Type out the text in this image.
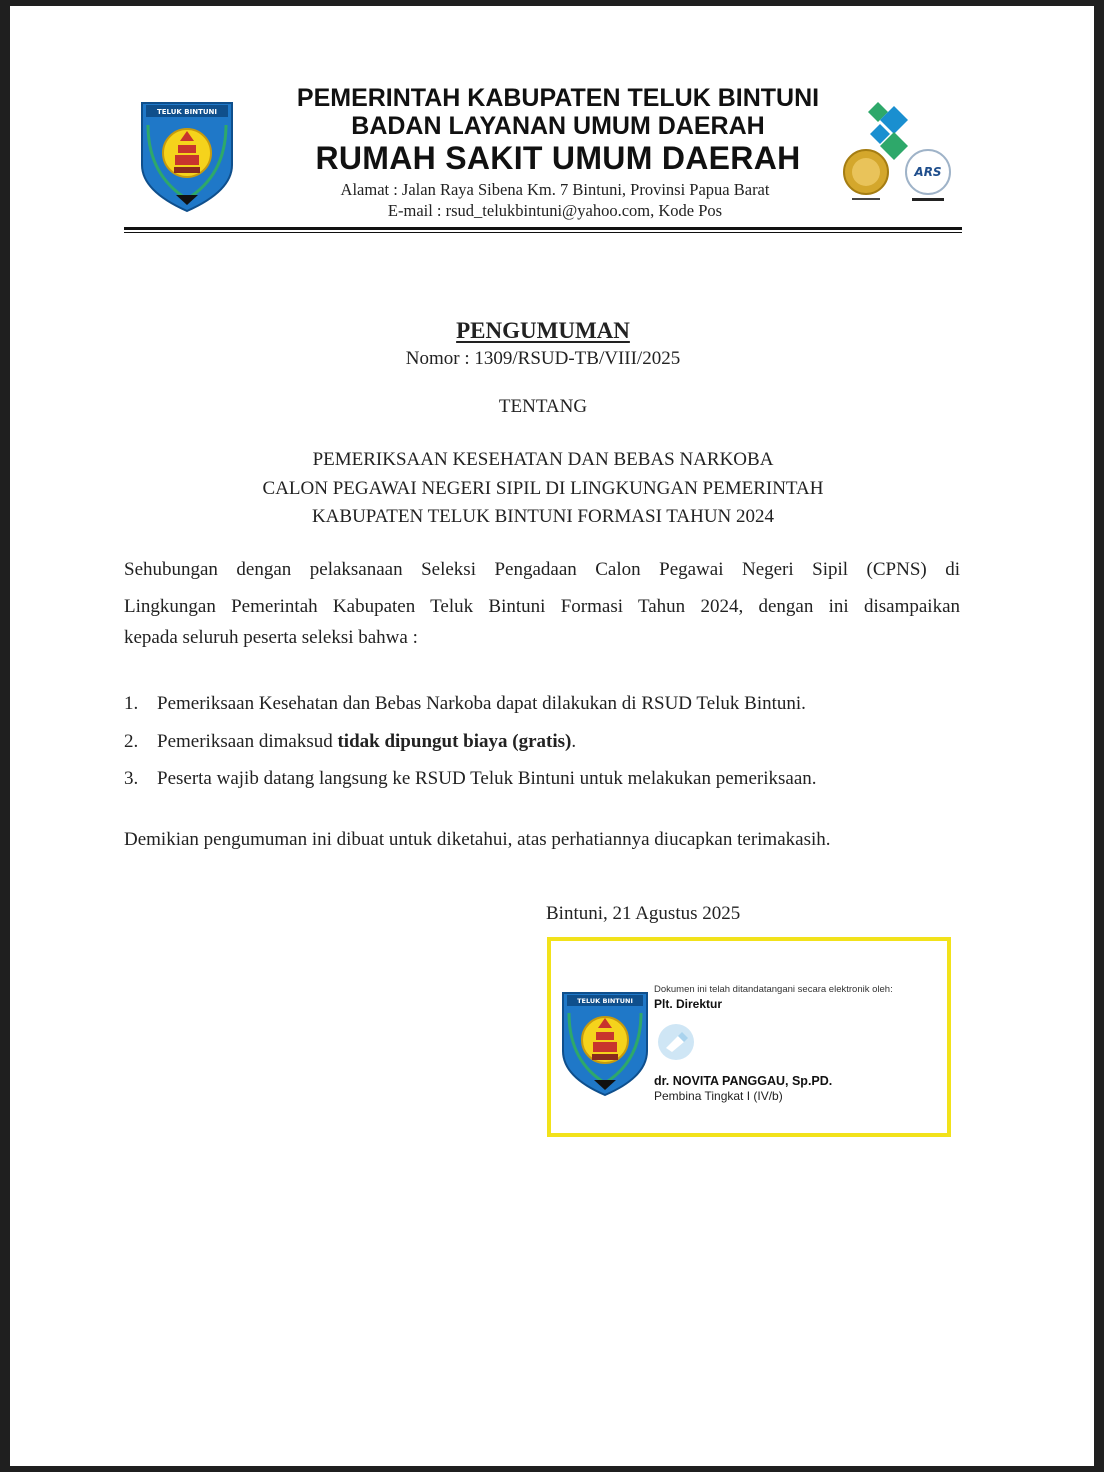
TELUK BINTUNI
ARS
PEMERINTAH KABUPATEN TELUK BINTUNI
BADAN LAYANAN UMUM DAERAH
RUMAH SAKIT UMUM DAERAH
Alamat : Jalan Raya Sibena Km. 7 Bintuni, Provinsi Papua Barat
E-mail : rsud_telukbintuni@yahoo.com, Kode Pos
PENGUMUMAN
Nomor : 1309/RSUD-TB/VIII/2025
TENTANG
PEMERIKSAAN KESEHATAN DAN BEBAS NARKOBA
CALON PEGAWAI NEGERI SIPIL DI LINGKUNGAN PEMERINTAH
KABUPATEN TELUK BINTUNI FORMASI TAHUN 2024
Sehubungan dengan pelaksanaan Seleksi Pengadaan Calon Pegawai Negeri Sipil (CPNS) di
Lingkungan Pemerintah Kabupaten Teluk Bintuni Formasi Tahun 2024, dengan ini disampaikan
kepada seluruh peserta seleksi bahwa :
1. Pemeriksaan Kesehatan dan Bebas Narkoba dapat dilakukan di RSUD Teluk Bintuni.
2. Pemeriksaan dimaksud tidak dipungut biaya (gratis).
3. Peserta wajib datang langsung ke RSUD Teluk Bintuni untuk melakukan pemeriksaan.
Demikian pengumuman ini dibuat untuk diketahui, atas perhatiannya diucapkan terimakasih.
Bintuni, 21 Agustus 2025
TELUK BINTUNI
Dokumen ini telah ditandatangani secara elektronik oleh:
Plt. Direktur
dr. NOVITA PANGGAU, Sp.PD.
Pembina Tingkat I (IV/b)
